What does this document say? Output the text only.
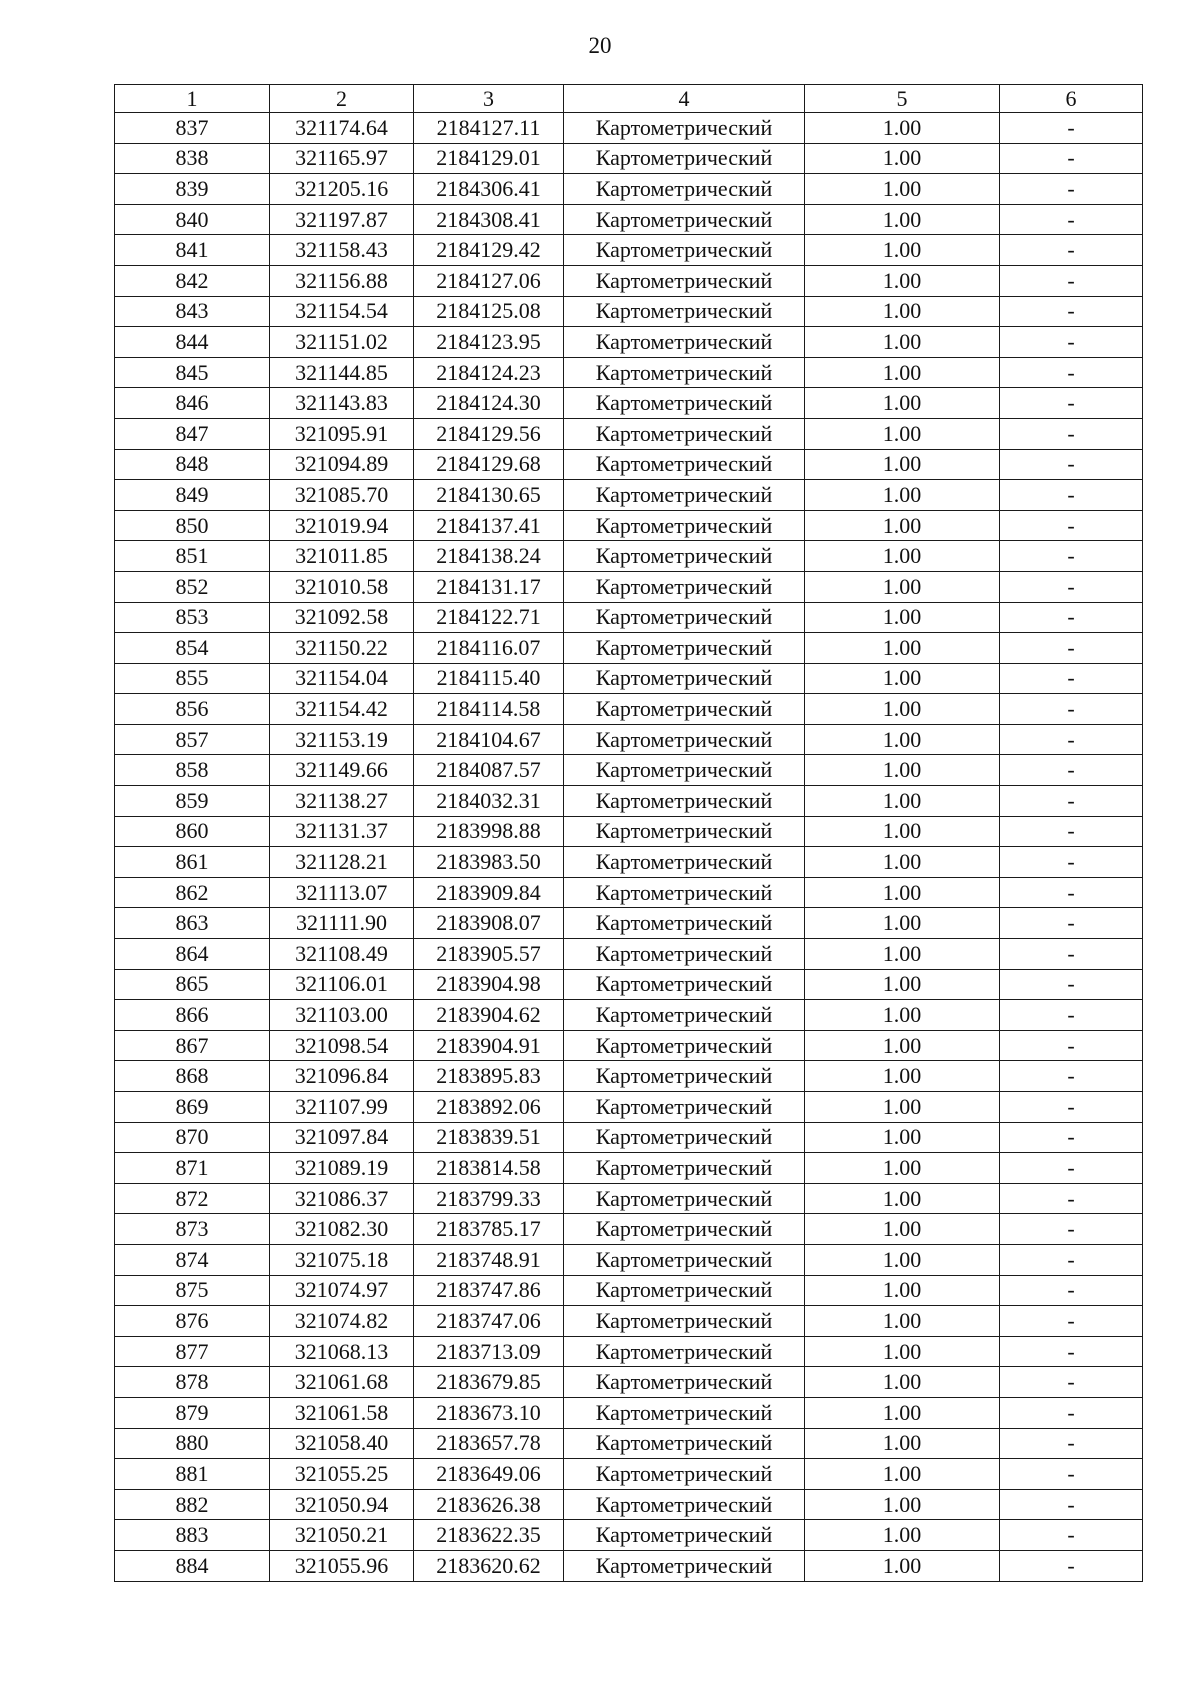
20
1	2	3	4	5	6
837	321174.64	2184127.11	Картометрический	1.00	-
838	321165.97	2184129.01	Картометрический	1.00	-
839	321205.16	2184306.41	Картометрический	1.00	-
840	321197.87	2184308.41	Картометрический	1.00	-
841	321158.43	2184129.42	Картометрический	1.00	-
842	321156.88	2184127.06	Картометрический	1.00	-
843	321154.54	2184125.08	Картометрический	1.00	-
844	321151.02	2184123.95	Картометрический	1.00	-
845	321144.85	2184124.23	Картометрический	1.00	-
846	321143.83	2184124.30	Картометрический	1.00	-
847	321095.91	2184129.56	Картометрический	1.00	-
848	321094.89	2184129.68	Картометрический	1.00	-
849	321085.70	2184130.65	Картометрический	1.00	-
850	321019.94	2184137.41	Картометрический	1.00	-
851	321011.85	2184138.24	Картометрический	1.00	-
852	321010.58	2184131.17	Картометрический	1.00	-
853	321092.58	2184122.71	Картометрический	1.00	-
854	321150.22	2184116.07	Картометрический	1.00	-
855	321154.04	2184115.40	Картометрический	1.00	-
856	321154.42	2184114.58	Картометрический	1.00	-
857	321153.19	2184104.67	Картометрический	1.00	-
858	321149.66	2184087.57	Картометрический	1.00	-
859	321138.27	2184032.31	Картометрический	1.00	-
860	321131.37	2183998.88	Картометрический	1.00	-
861	321128.21	2183983.50	Картометрический	1.00	-
862	321113.07	2183909.84	Картометрический	1.00	-
863	321111.90	2183908.07	Картометрический	1.00	-
864	321108.49	2183905.57	Картометрический	1.00	-
865	321106.01	2183904.98	Картометрический	1.00	-
866	321103.00	2183904.62	Картометрический	1.00	-
867	321098.54	2183904.91	Картометрический	1.00	-
868	321096.84	2183895.83	Картометрический	1.00	-
869	321107.99	2183892.06	Картометрический	1.00	-
870	321097.84	2183839.51	Картометрический	1.00	-
871	321089.19	2183814.58	Картометрический	1.00	-
872	321086.37	2183799.33	Картометрический	1.00	-
873	321082.30	2183785.17	Картометрический	1.00	-
874	321075.18	2183748.91	Картометрический	1.00	-
875	321074.97	2183747.86	Картометрический	1.00	-
876	321074.82	2183747.06	Картометрический	1.00	-
877	321068.13	2183713.09	Картометрический	1.00	-
878	321061.68	2183679.85	Картометрический	1.00	-
879	321061.58	2183673.10	Картометрический	1.00	-
880	321058.40	2183657.78	Картометрический	1.00	-
881	321055.25	2183649.06	Картометрический	1.00	-
882	321050.94	2183626.38	Картометрический	1.00	-
883	321050.21	2183622.35	Картометрический	1.00	-
884	321055.96	2183620.62	Картометрический	1.00	-
